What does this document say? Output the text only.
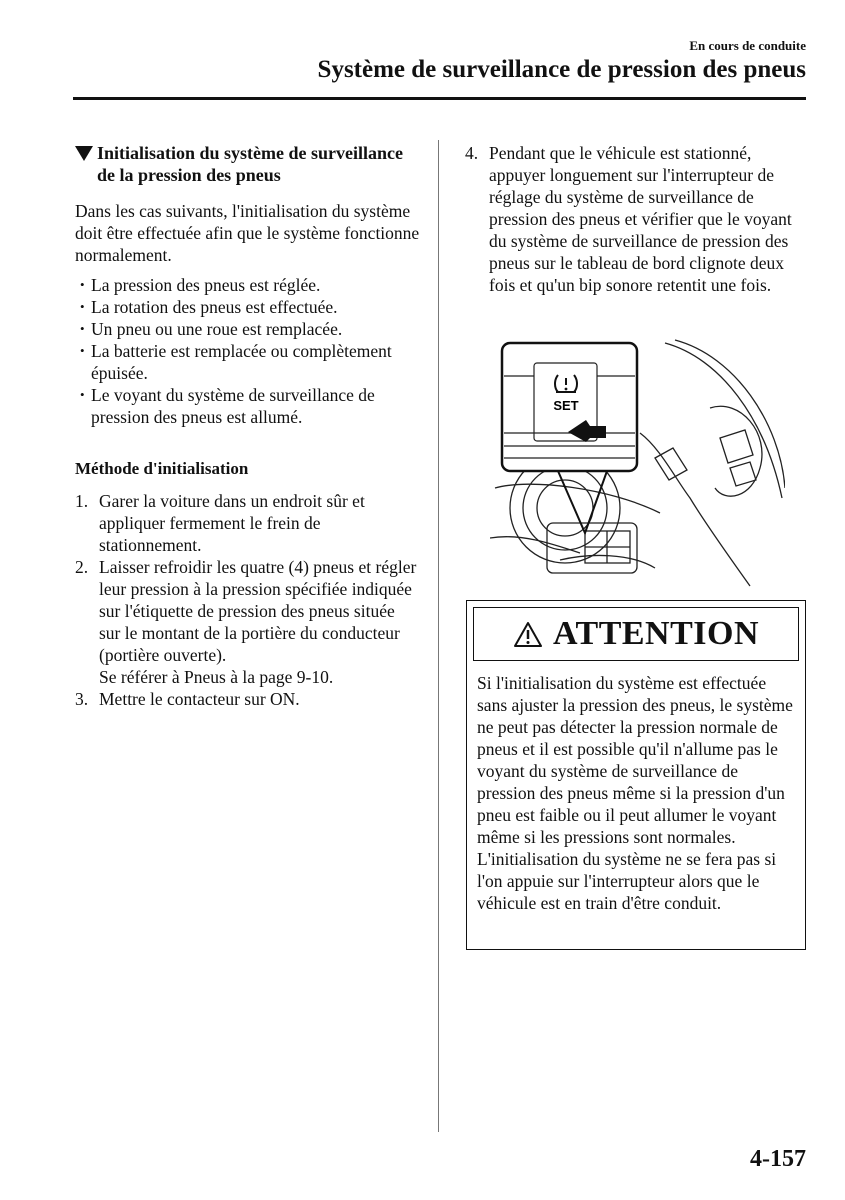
En cours de conduite
Système de surveillance de pression des pneus
Initialisation du système de surveillance de la pression des pneus

Dans les cas suivants, l'initialisation du système doit être effectuée afin que le système fonctionne normalement.

• La pression des pneus est réglée.
• La rotation des pneus est effectuée.
• Un pneu ou une roue est remplacée.
• La batterie est remplacée ou complètement épuisée.
• Le voyant du système de surveillance de pression des pneus est allumé.
Méthode d'initialisation
1. Garer la voiture dans un endroit sûr et appliquer fermement le frein de stationnement.
2. Laisser refroidir les quatre (4) pneus et régler leur pression à la pression spécifiée indiquée sur l'étiquette de pression des pneus située sur le montant de la portière du conducteur (portière ouverte).
Se référer à Pneus à la page 9-10.
3. Mettre le contacteur sur ON.
4. Pendant que le véhicule est stationné, appuyer longuement sur l'interrupteur de réglage du système de surveillance de pression des pneus et vérifier que le voyant du système de surveillance de pression des pneus sur le tableau de bord clignote deux fois et qu'un bip sonore retentit une fois.
SET
ATTENTION
Si l'initialisation du système est effectuée sans ajuster la pression des pneus, le système ne peut pas détecter la pression normale de pneus et il est possible qu'il n'allume pas le voyant du système de surveillance de pression des pneus même si la pression d'un pneu est faible ou il peut allumer le voyant même si les pressions sont normales. L'initialisation du système ne se fera pas si l'on appuie sur l'interrupteur alors que le véhicule est en train d'être conduit.
4-157
